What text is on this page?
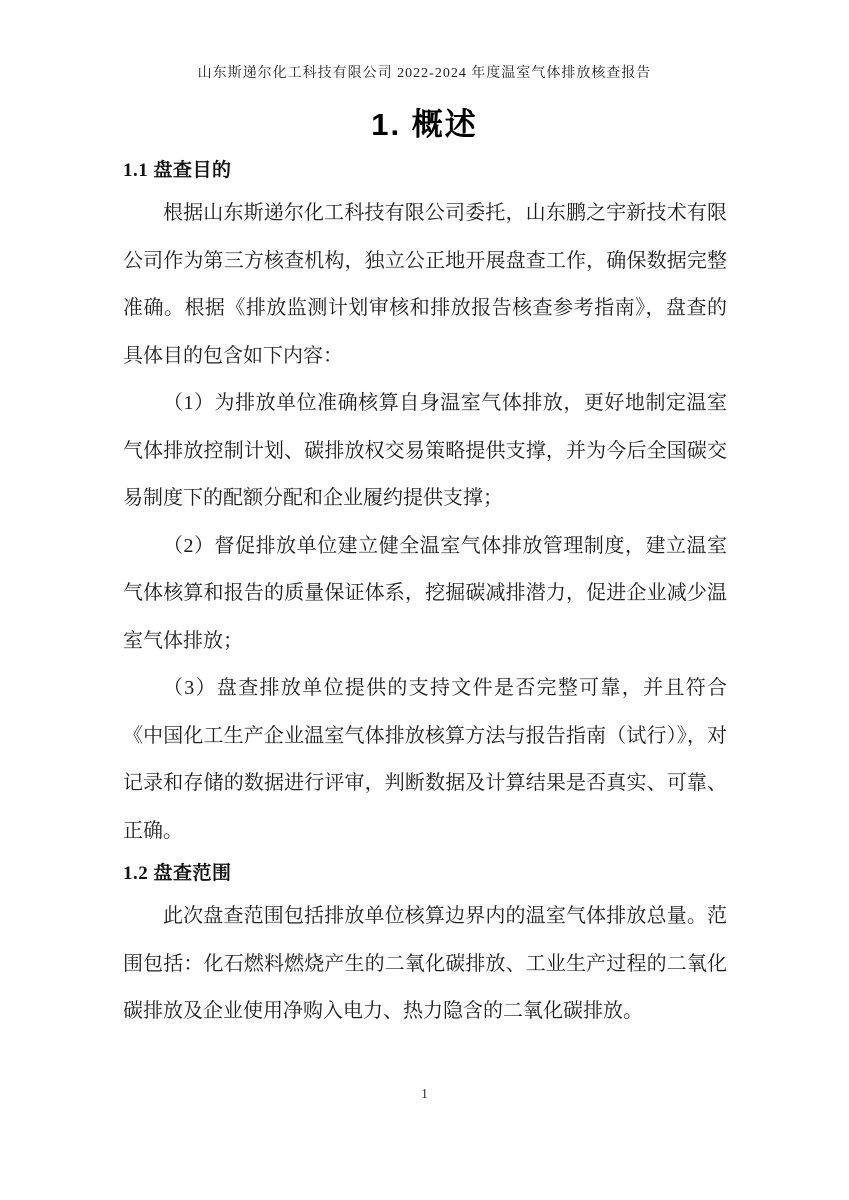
山东斯递尔化工科技有限公司 2022-2024 年度温室气体排放核查报告
1. 概述
1.1 盘查目的

根据山东斯递尔化工科技有限公司委托，山东鹏之宇新技术有限公司作为第三方核查机构，独立公正地开展盘查工作，确保数据完整准确。根据《排放监测计划审核和排放报告核查参考指南》，盘查的具体目的包含如下内容：

（1）为排放单位准确核算自身温室气体排放，更好地制定温室气体排放控制计划、碳排放权交易策略提供支撑，并为今后全国碳交易制度下的配额分配和企业履约提供支撑；

（2）督促排放单位建立健全温室气体排放管理制度，建立温室气体核算和报告的质量保证体系，挖掘碳减排潜力，促进企业减少温室气体排放；

（3）盘查排放单位提供的支持文件是否完整可靠，并且符合《中国化工生产企业温室气体排放核算方法与报告指南（试行）》，对记录和存储的数据进行评审，判断数据及计算结果是否真实、可靠、正确。

1.2 盘查范围

此次盘查范围包括排放单位核算边界内的温室气体排放总量。范围包括：化石燃料燃烧产生的二氧化碳排放、工业生产过程的二氧化碳排放及企业使用净购入电力、热力隐含的二氧化碳排放。

1
